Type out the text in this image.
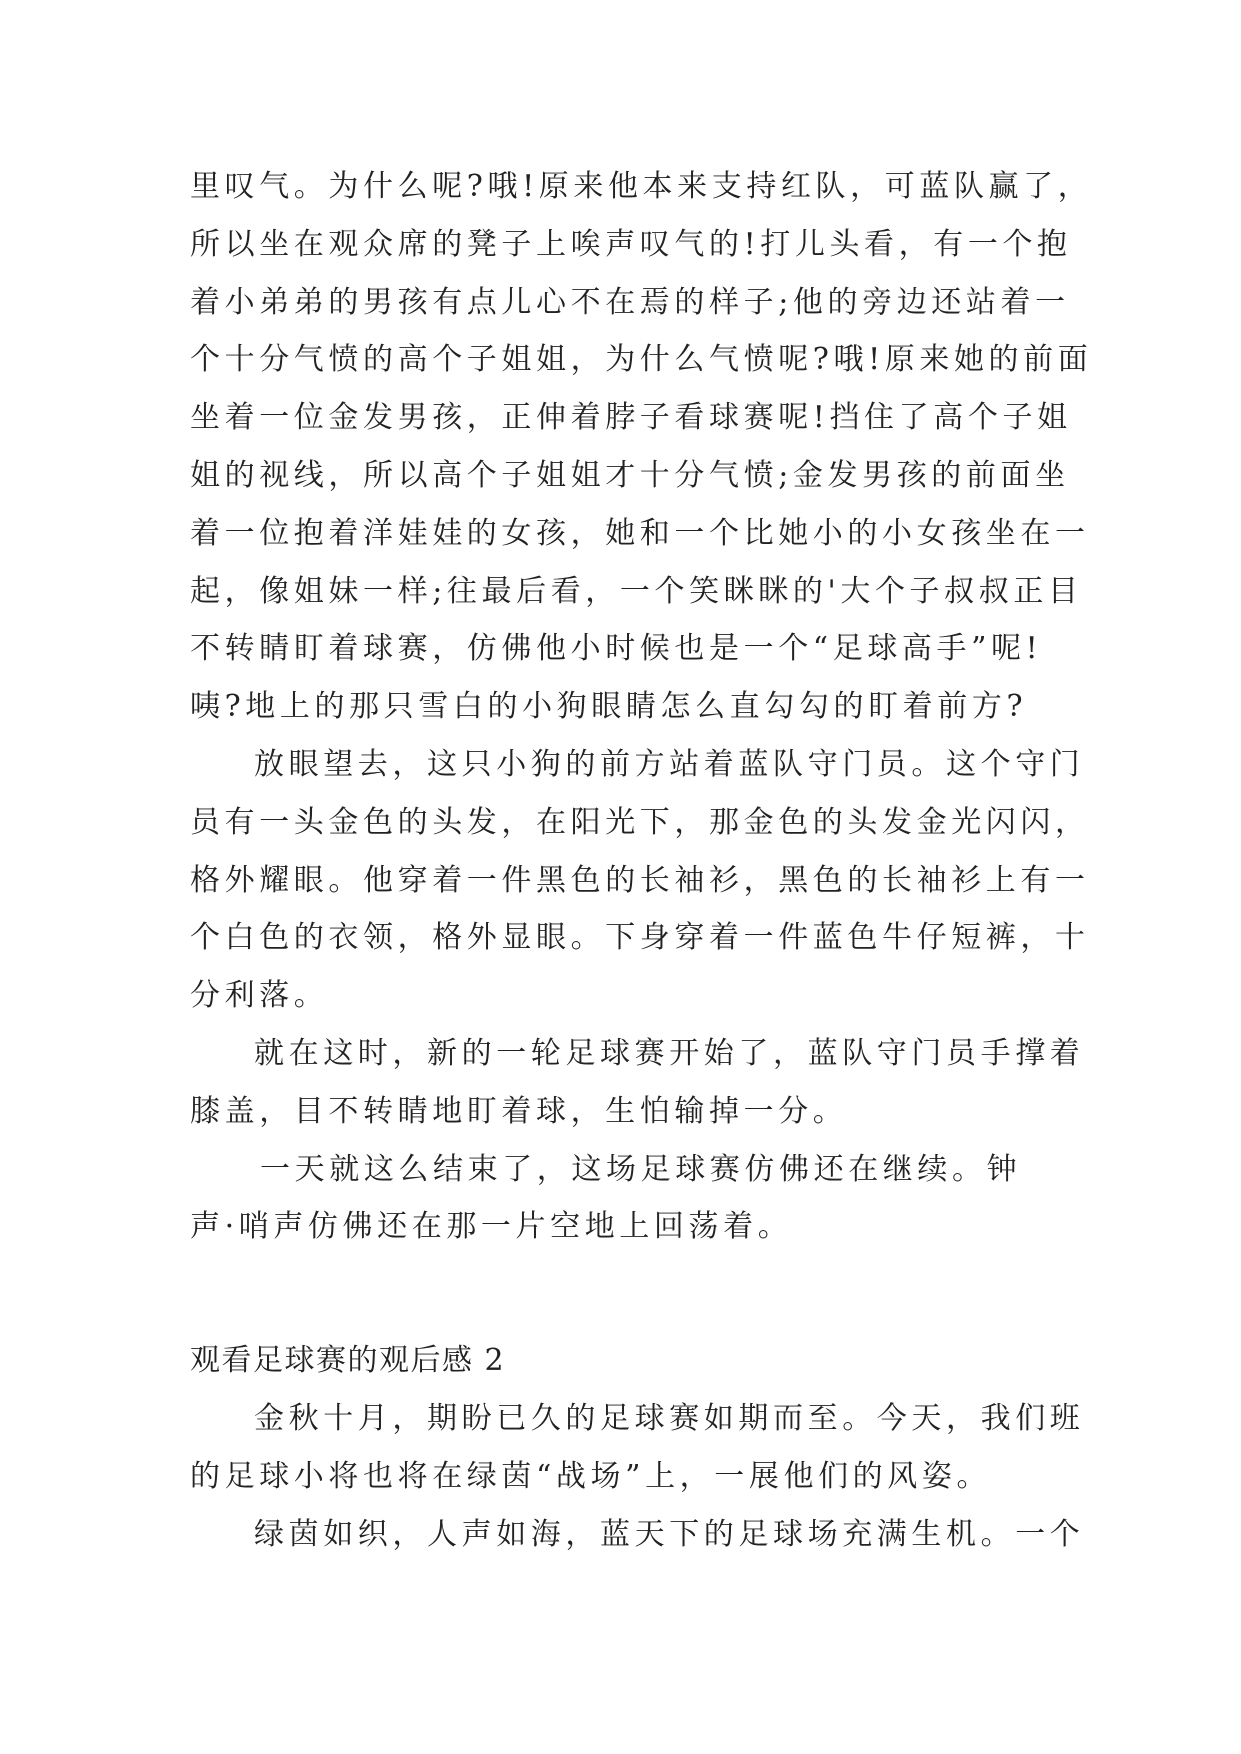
里叹气。为什么呢?哦!原来他本来支持红队，可蓝队赢了，
所以坐在观众席的凳子上唉声叹气的!打儿头看，有一个抱
着小弟弟的男孩有点儿心不在焉的样子;他的旁边还站着一
个十分气愤的高个子姐姐，为什么气愤呢?哦!原来她的前面
坐着一位金发男孩，正伸着脖子看球赛呢!挡住了高个子姐
姐的视线，所以高个子姐姐才十分气愤;金发男孩的前面坐
着一位抱着洋娃娃的女孩，她和一个比她小的小女孩坐在一
起，像姐妹一样;往最后看，一个笑眯眯的'大个子叔叔正目
不转睛盯着球赛，仿佛他小时候也是一个“足球高手”呢!
咦?地上的那只雪白的小狗眼睛怎么直勾勾的盯着前方?
放眼望去，这只小狗的前方站着蓝队守门员。这个守门
员有一头金色的头发，在阳光下，那金色的头发金光闪闪，
格外耀眼。他穿着一件黑色的长袖衫，黑色的长袖衫上有一
个白色的衣领，格外显眼。下身穿着一件蓝色牛仔短裤，十
分利落。
就在这时，新的一轮足球赛开始了，蓝队守门员手撑着
膝盖，目不转睛地盯着球，生怕输掉一分。
一天就这么结束了，这场足球赛仿佛还在继续。钟
声·哨声仿佛还在那一片空地上回荡着。
观看足球赛的观后感 2
金秋十月，期盼已久的足球赛如期而至。今天，我们班
的足球小将也将在绿茵“战场”上，一展他们的风姿。
绿茵如织，人声如海，蓝天下的足球场充满生机。一个
